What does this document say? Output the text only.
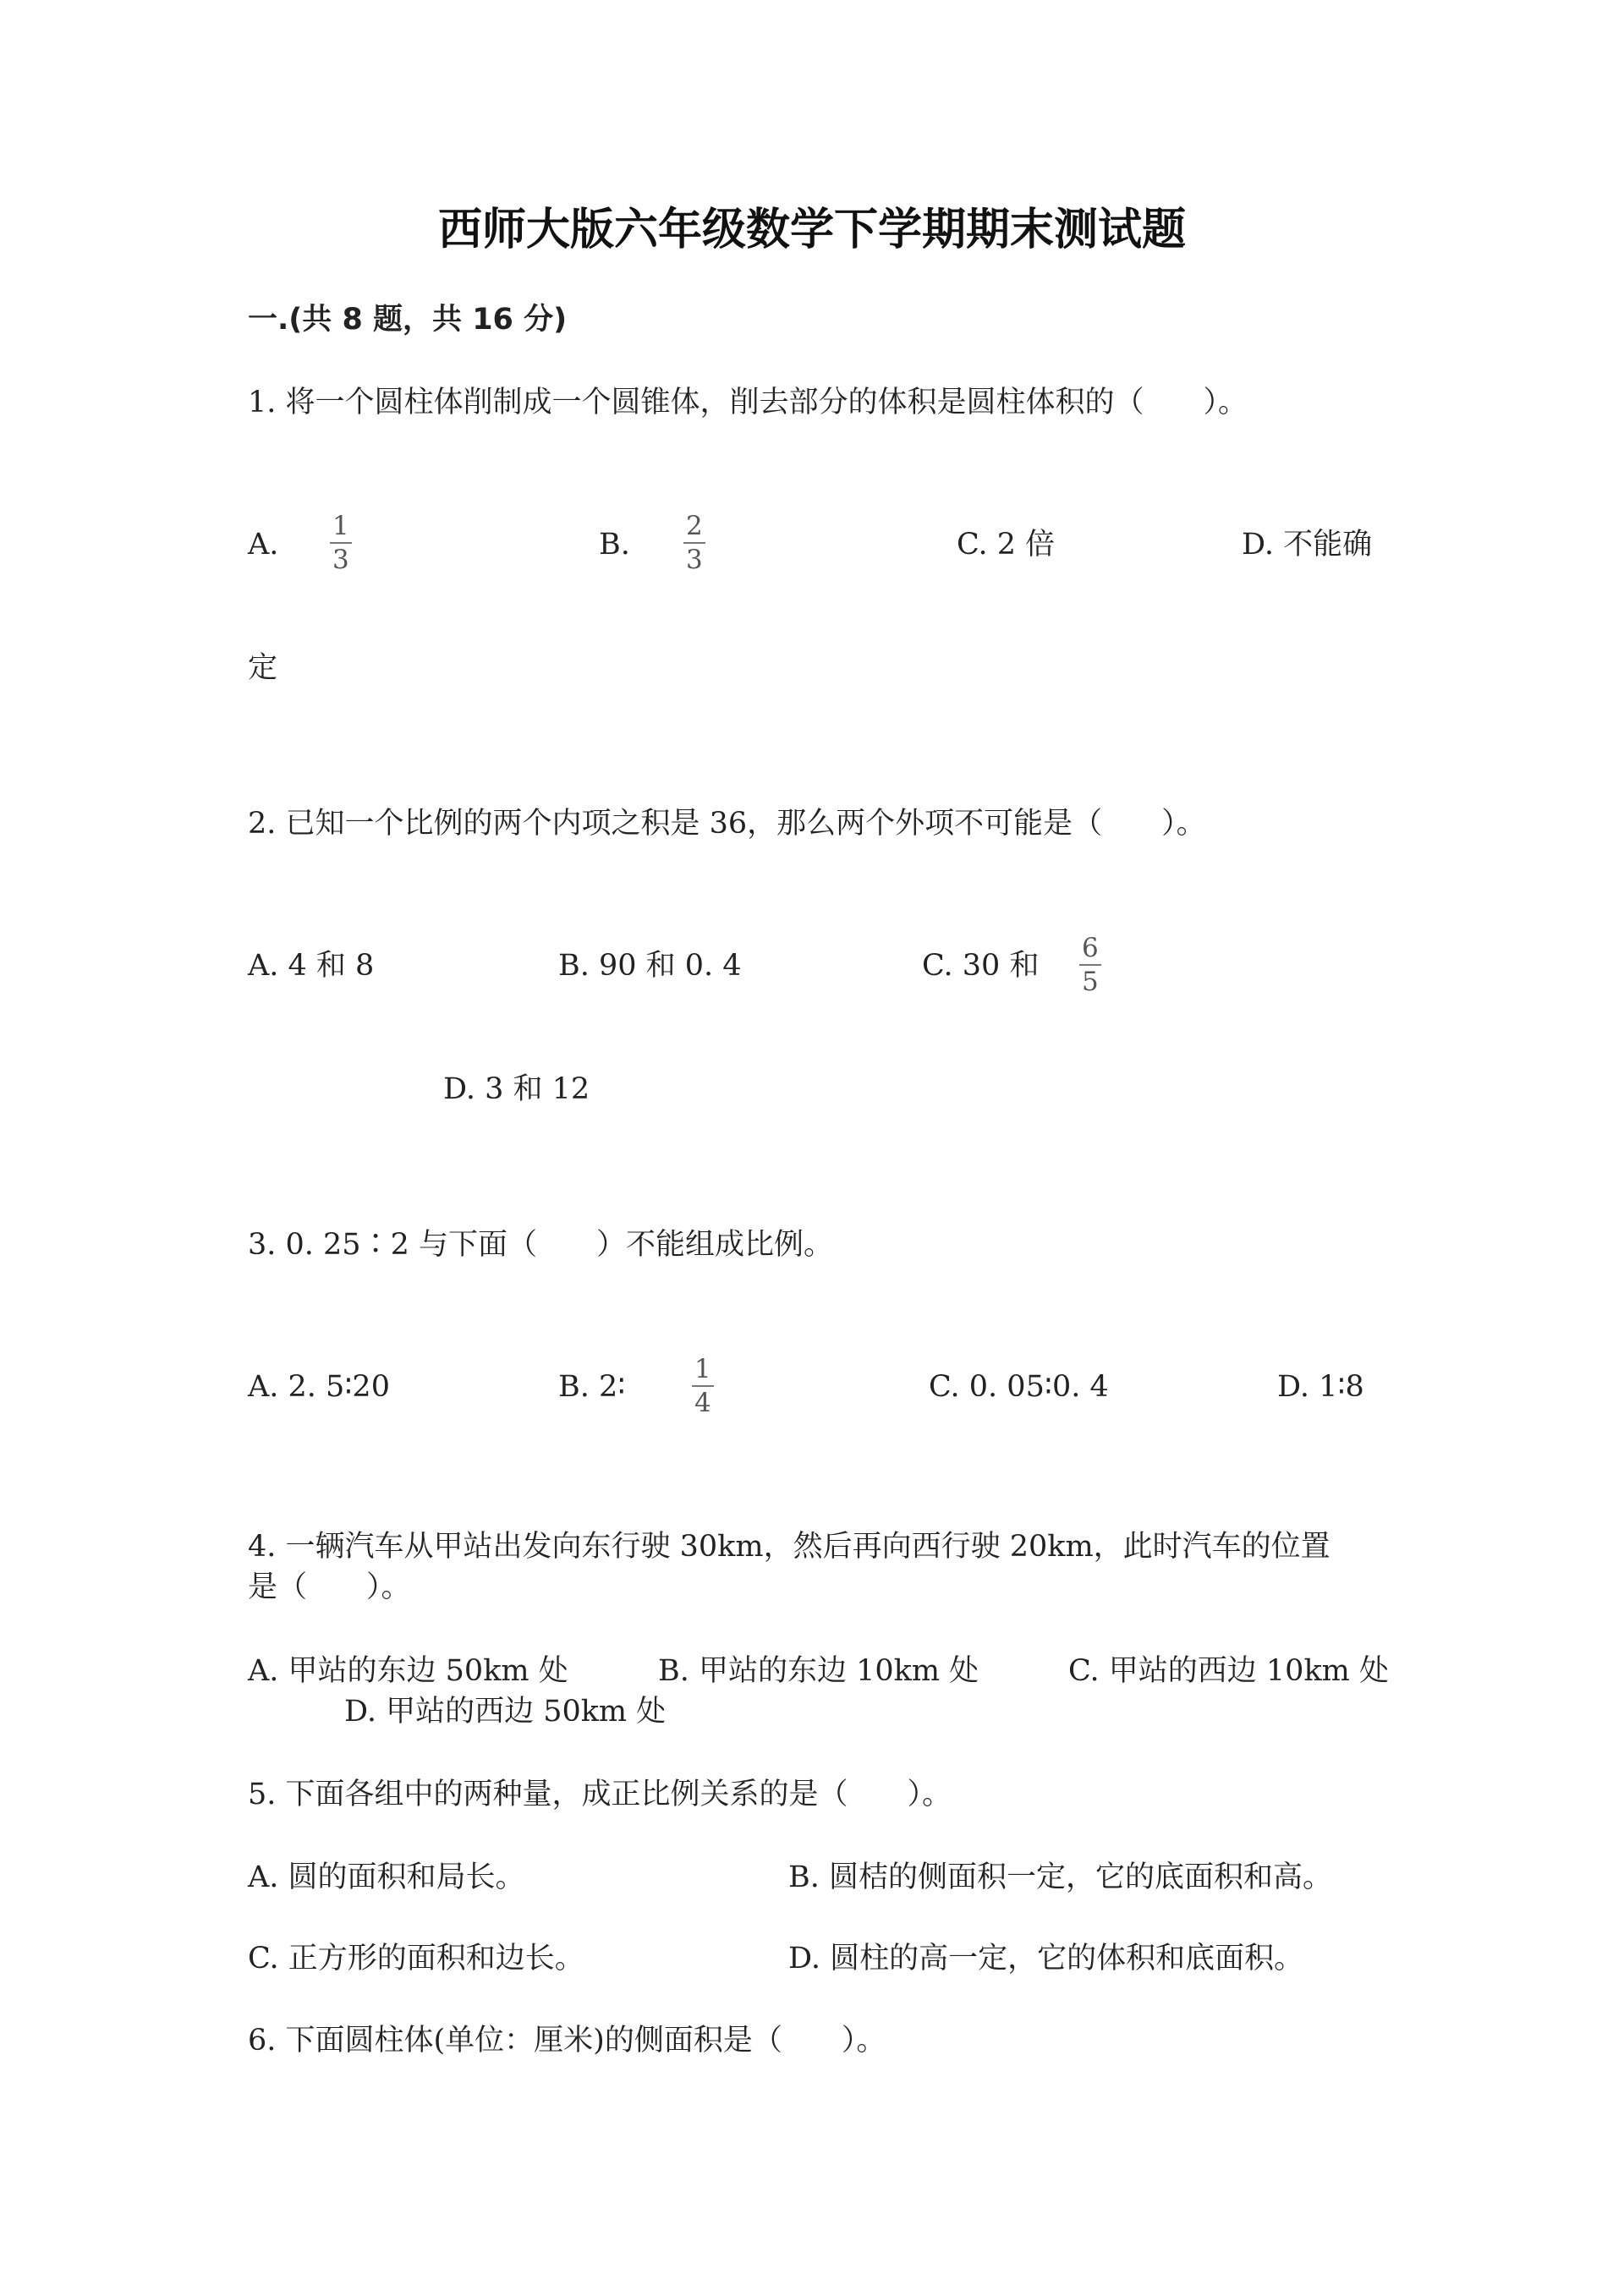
西师大版六年级数学下学期期末测试题
一.(共 8 题，共 16 分)
1. 将一个圆柱体削制成一个圆锥体，削去部分的体积是圆柱体积的（　　）。
A.
1
3	B.
2
3	C. 2 倍	D. 不能确
定
2. 已知一个比例的两个内项之积是 36，那么两个外项不可能是（　　）。
A. 4 和 8	B. 90 和 0. 4	C. 30 和
6
5
D. 3 和 12
3. 0. 25∶2 与下面（　　）不能组成比例。
A. 2. 5∶20	B. 2∶
1
4	C. 0. 05∶0. 4	D. 1∶8
4. 一辆汽车从甲站出发向东行驶 30km，然后再向西行驶 20km，此时汽车的位置
是（　　）。
A. 甲站的东边 50km 处	B. 甲站的东边 10km 处	C. 甲站的西边 10km 处
D. 甲站的西边 50km 处
5. 下面各组中的两种量，成正比例关系的是（　　）。
A. 圆的面积和局长。	B. 圆桔的侧面积一定，它的底面积和高。
C. 正方形的面积和边长。	D. 圆柱的高一定，它的体积和底面积。
6. 下面圆柱体(单位：厘米)的侧面积是（　　）。
